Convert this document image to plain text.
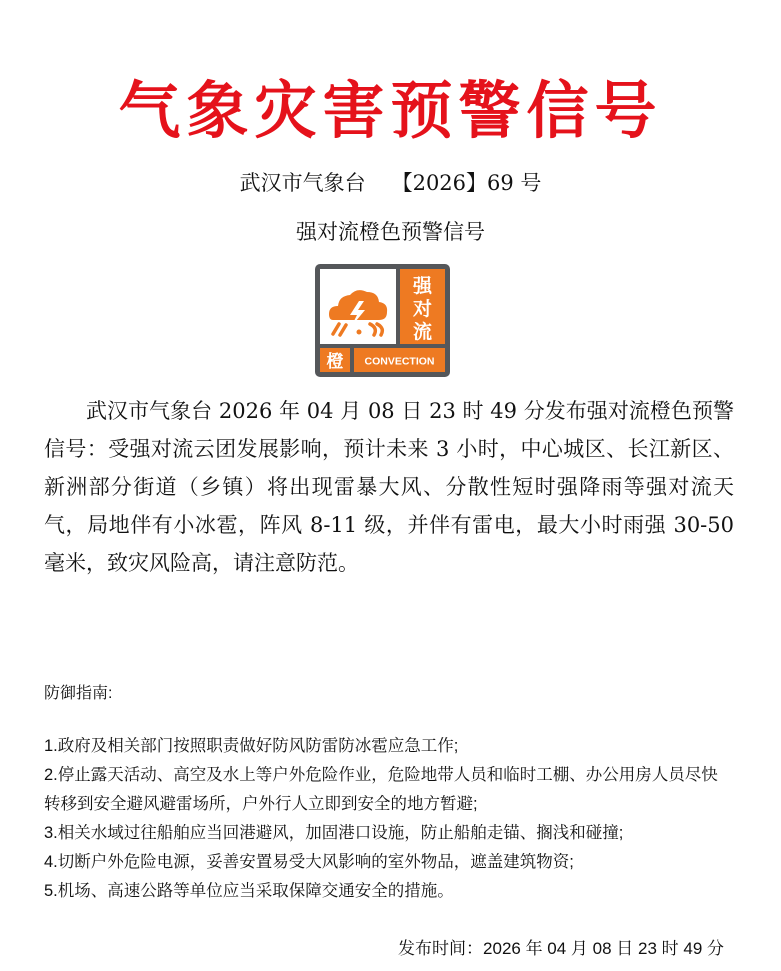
气象灾害预警信号
武汉市气象台 【2026】69 号
强对流橙色预警信号
强
对
流
橙 CONVECTION
武汉市气象台 2026 年 04 月 08 日 23 时 49 分发布强对流橙色预警信号：受强对流云团发展影响，预计未来 3 小时，中心城区、长江新区、新洲部分街道（乡镇）将出现雷暴大风、分散性短时强降雨等强对流天气，局地伴有小冰雹，阵风 8-11 级，并伴有雷电，最大小时雨强 30-50 毫米，致灾风险高，请注意防范。
防御指南:
1.政府及相关部门按照职责做好防风防雷防冰雹应急工作;
2.停止露天活动、高空及水上等户外危险作业，危险地带人员和临时工棚、办公用房人员尽快转移到安全避风避雷场所，户外行人立即到安全的地方暂避;
3.相关水域过往船舶应当回港避风，加固港口设施，防止船舶走锚、搁浅和碰撞;
4.切断户外危险电源，妥善安置易受大风影响的室外物品，遮盖建筑物资;
5.机场、高速公路等单位应当采取保障交通安全的措施。
发布时间：2026 年 04 月 08 日 23 时 49 分
